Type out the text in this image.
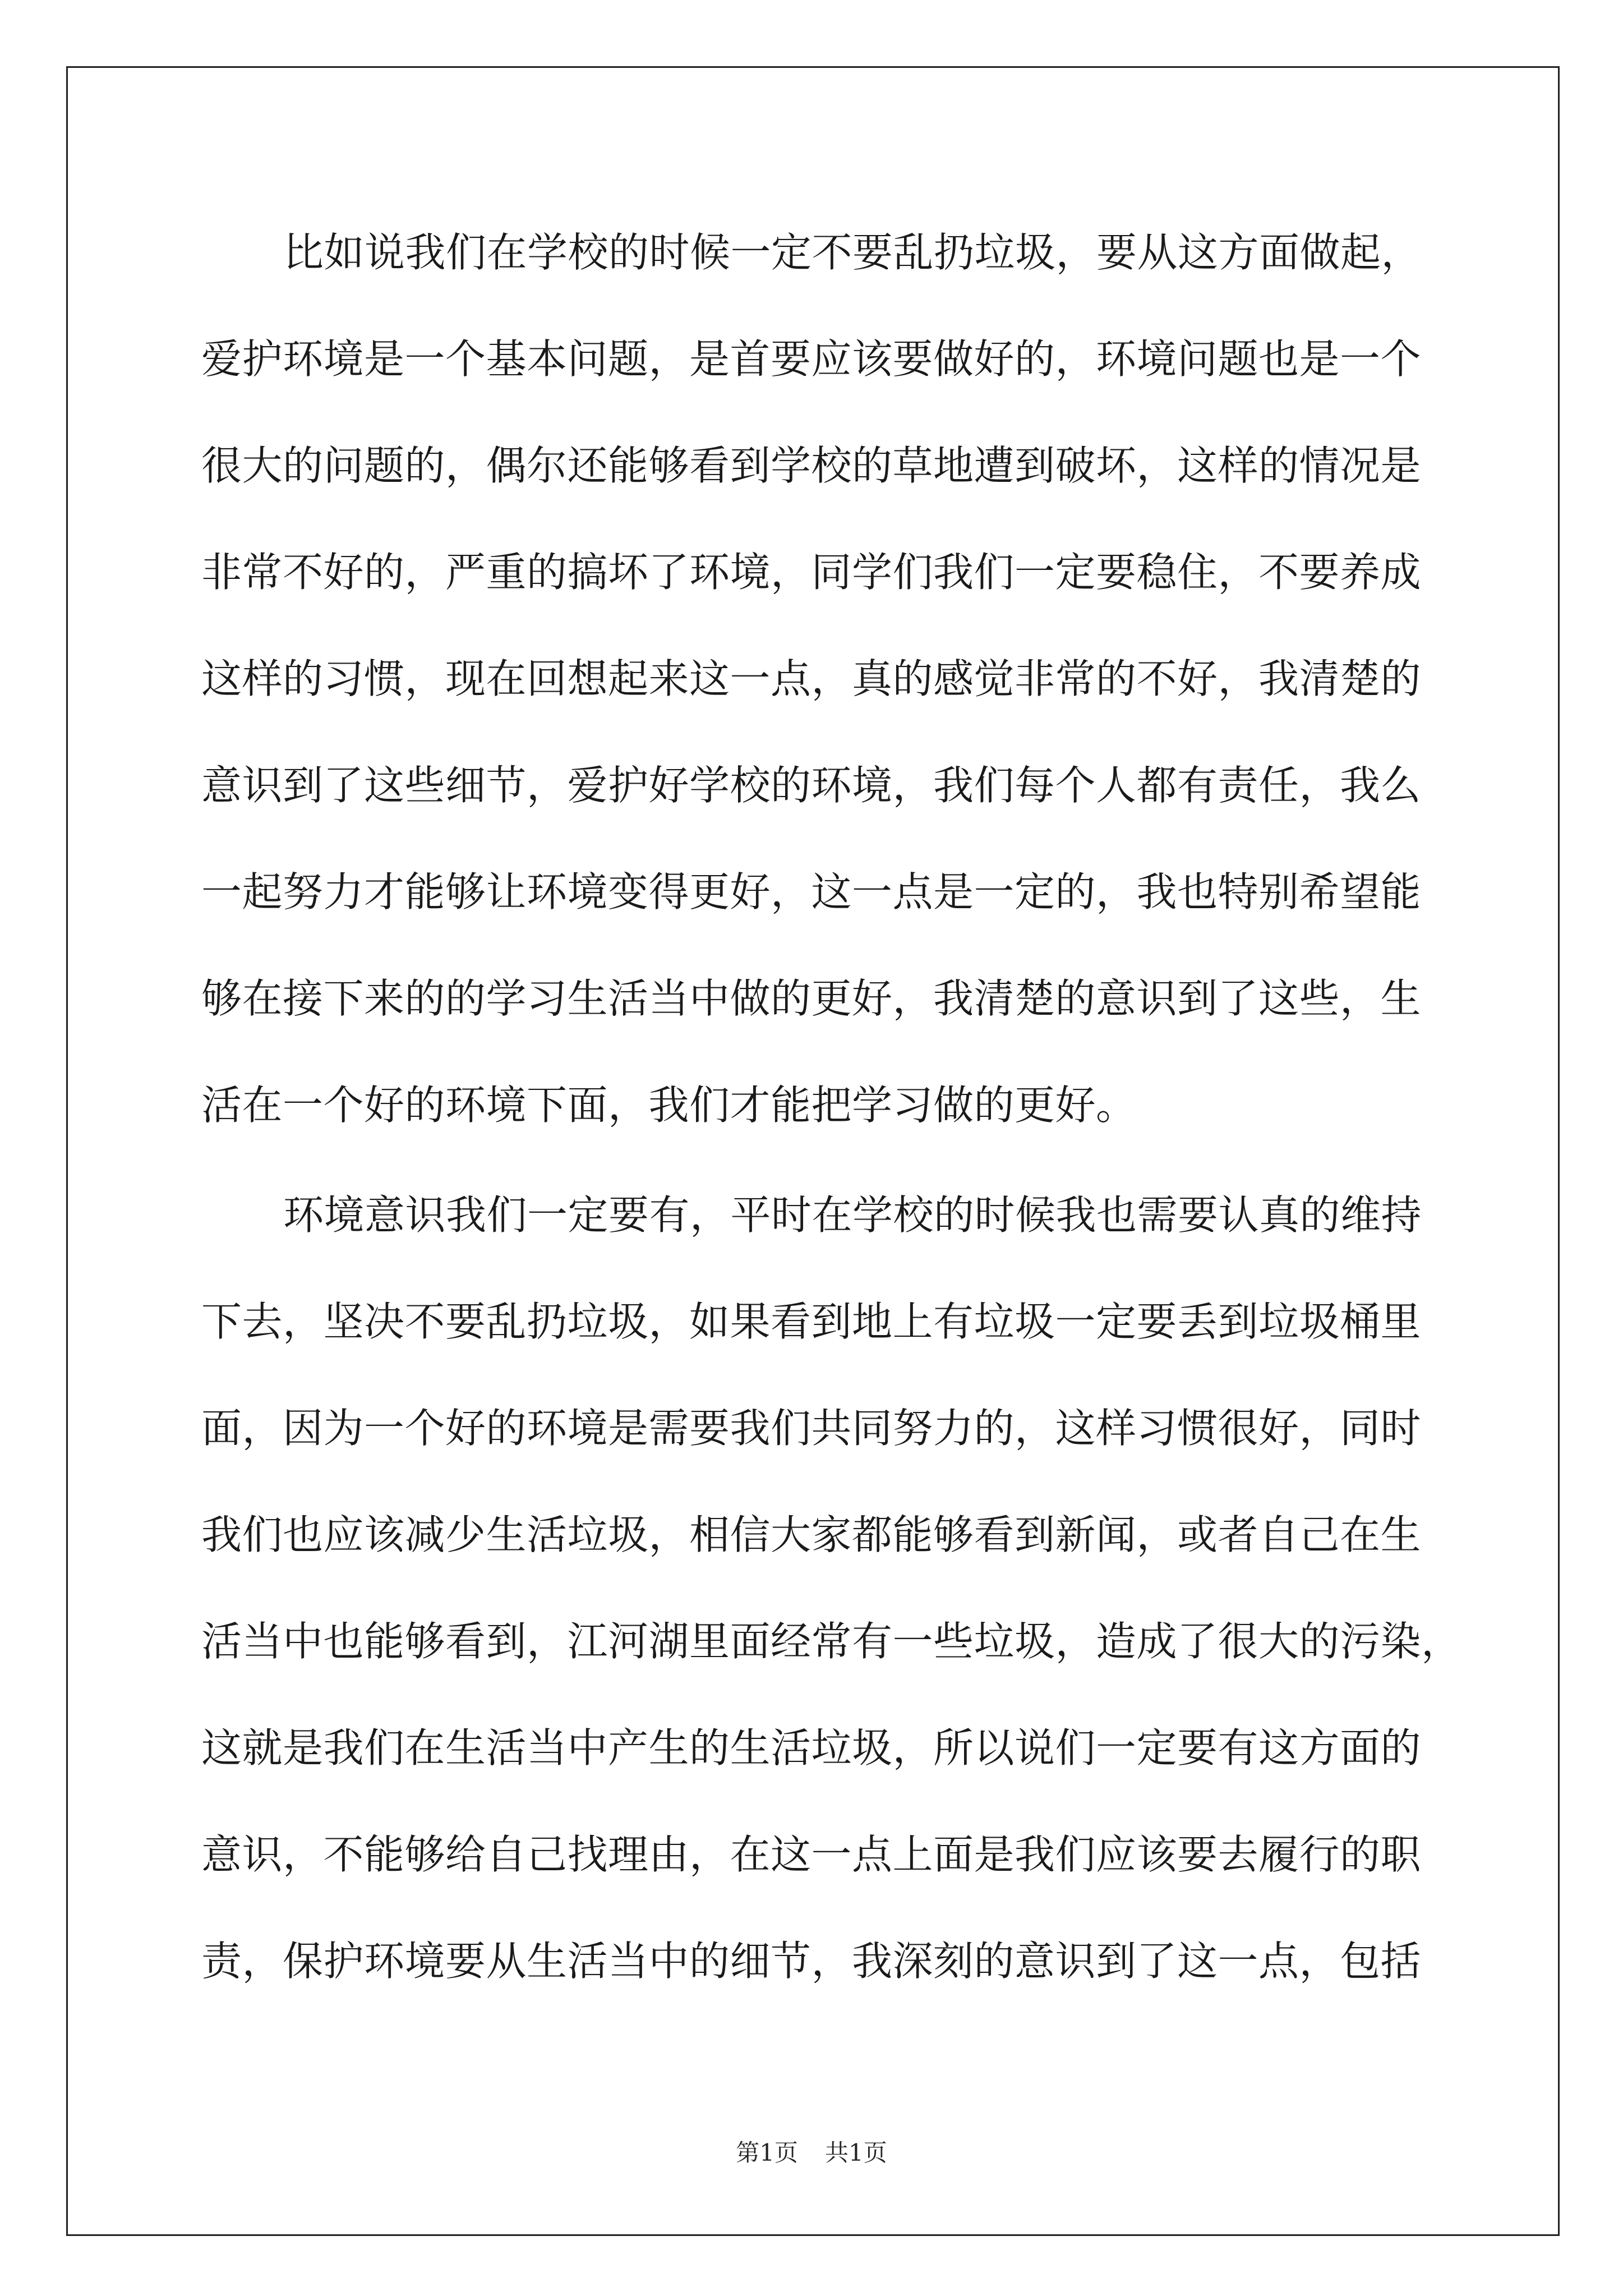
比如说我们在学校的时候一定不要乱扔垃圾，要从这方面做起，
爱护环境是一个基本问题，是首要应该要做好的，环境问题也是一个
很大的问题的，偶尔还能够看到学校的草地遭到破坏，这样的情况是
非常不好的，严重的搞坏了环境，同学们我们一定要稳住，不要养成
这样的习惯，现在回想起来这一点，真的感觉非常的不好，我清楚的
意识到了这些细节，爱护好学校的环境，我们每个人都有责任，我么
一起努力才能够让环境变得更好，这一点是一定的，我也特别希望能
够在接下来的的学习生活当中做的更好，我清楚的意识到了这些，生
活在一个好的环境下面，我们才能把学习做的更好。
环境意识我们一定要有，平时在学校的时候我也需要认真的维持
下去，坚决不要乱扔垃圾，如果看到地上有垃圾一定要丢到垃圾桶里
面，因为一个好的环境是需要我们共同努力的，这样习惯很好，同时
我们也应该减少生活垃圾，相信大家都能够看到新闻，或者自己在生
活当中也能够看到，江河湖里面经常有一些垃圾，造成了很大的污染，
这就是我们在生活当中产生的生活垃圾，所以说们一定要有这方面的
意识，不能够给自己找理由，在这一点上面是我们应该要去履行的职
责，保护环境要从生活当中的细节，我深刻的意识到了这一点，包括
第1页 共1页
